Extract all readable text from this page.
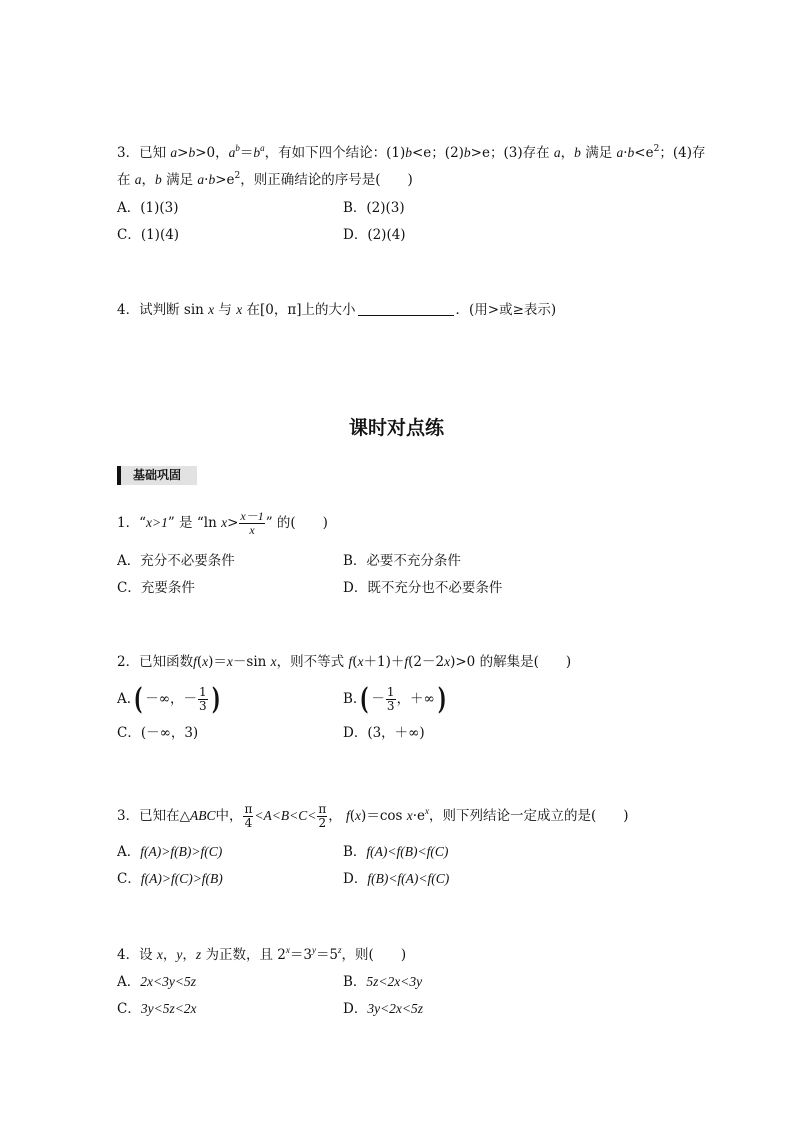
3．已知 a>b>0，$a^b=b^a$，有如下四个结论：(1)b<e；(2)b>e；(3)存在 a，b 满足 $a\cdot b<e^2$；(4)存
在 a，b 满足 $a\cdot b>e^2$，则正确结论的序号是(　　)
A．(1)(3)	B．(2)(3)
C．(1)(4)	D．(2)(4)
4．试判断 sin x 与 x 在[0，π]上的大小	．(用>或≥表示)
课时对点练
基础巩固
1．“x>1” 是 “ln $x> \frac{x-1}{x}$ ” 的(　　)
A．充分不必要条件	B．必要不充分条件
C．充要条件	D．既不充分也不必要条件
2．已知函数f(x)＝x－sin x，则不等式 f(x＋1)＋f(2－2x)>0 的解集是(　　)
A.( －∞，－ $\frac{1}{3}$ )	$B.( - \frac{1}{3}$ ，＋∞)
C．(－∞，3)	D．(3，＋∞)
3．已知在△ABC中， $\frac{\pi}{4} <A<B<C< \frac{\pi}{2}$ ， f(x)＝cos $x\cdot e^x$，则下列结论一定成立的是(　　)
A．f(A)>f(B)>f(C)	B．f(A)<f(B)<f(C)
C．f(A)>f(C)>f(B)	D．f(B)<f(A)<f(C)
4．设 x，y，z 为正数，且 $2^x=3^y=5^z$，则(　　)
A．2x<3y<5z	B．5z<2x<3y
C．3y<5z<2x	D．3y<2x<5z
